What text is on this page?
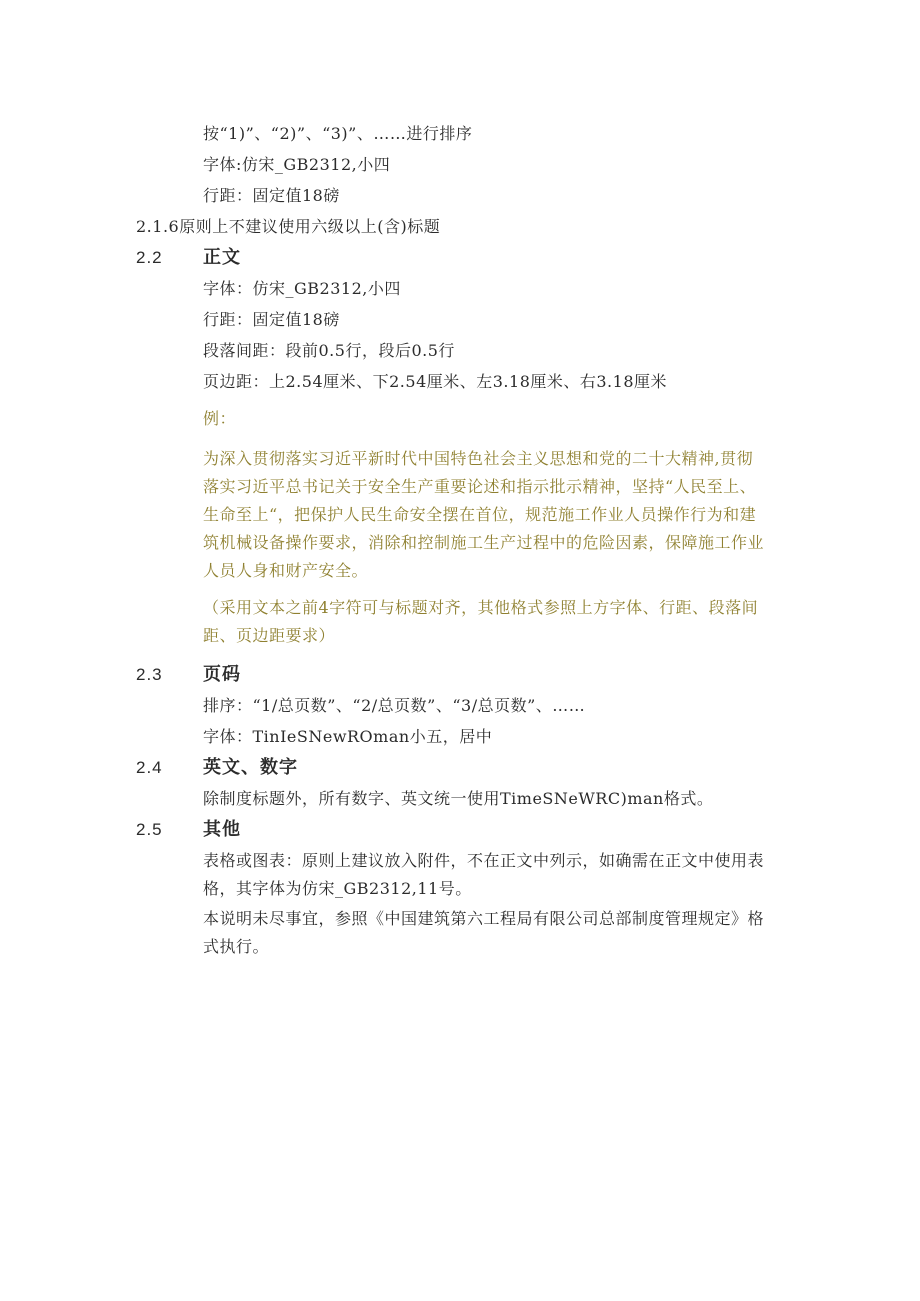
按“1)”、“2)”、“3)”、……进行排序
字体:仿宋_GB2312,小四
行距：固定值18磅
2.1.6原则上不建议使用六级以上(含)标题
2.2 正文
字体：仿宋_GB2312,小四
行距：固定值18磅
段落间距：段前0.5行，段后0.5行
页边距：上2.54厘米、下2.54厘米、左3.18厘米、右3.18厘米
例：
为深入贯彻落实习近平新时代中国特色社会主义思想和党的二十大精神,贯彻
落实习近平总书记关于安全生产重要论述和指示批示精神，坚持“人民至上、
生命至上“，把保护人民生命安全摆在首位，规范施工作业人员操作行为和建
筑机械设备操作要求，消除和控制施工生产过程中的危险因素，保障施工作业
人员人身和财产安全。
（采用文本之前4字符可与标题对齐，其他格式参照上方字体、行距、段落间
距、页边距要求）
2.3 页码
排序：“1/总页数”、“2/总页数”、“3/总页数”、……
字体：TinIeSNewROman小五，居中
2.4 英文、数字
除制度标题外，所有数字、英文统一使用TimeSNeWRC)man格式。
2.5 其他
表格或图表：原则上建议放入附件，不在正文中列示，如确需在正文中使用表
格，其字体为仿宋_GB2312,11号。
本说明未尽事宜，参照《中国建筑第六工程局有限公司总部制度管理规定》格
式执行。
